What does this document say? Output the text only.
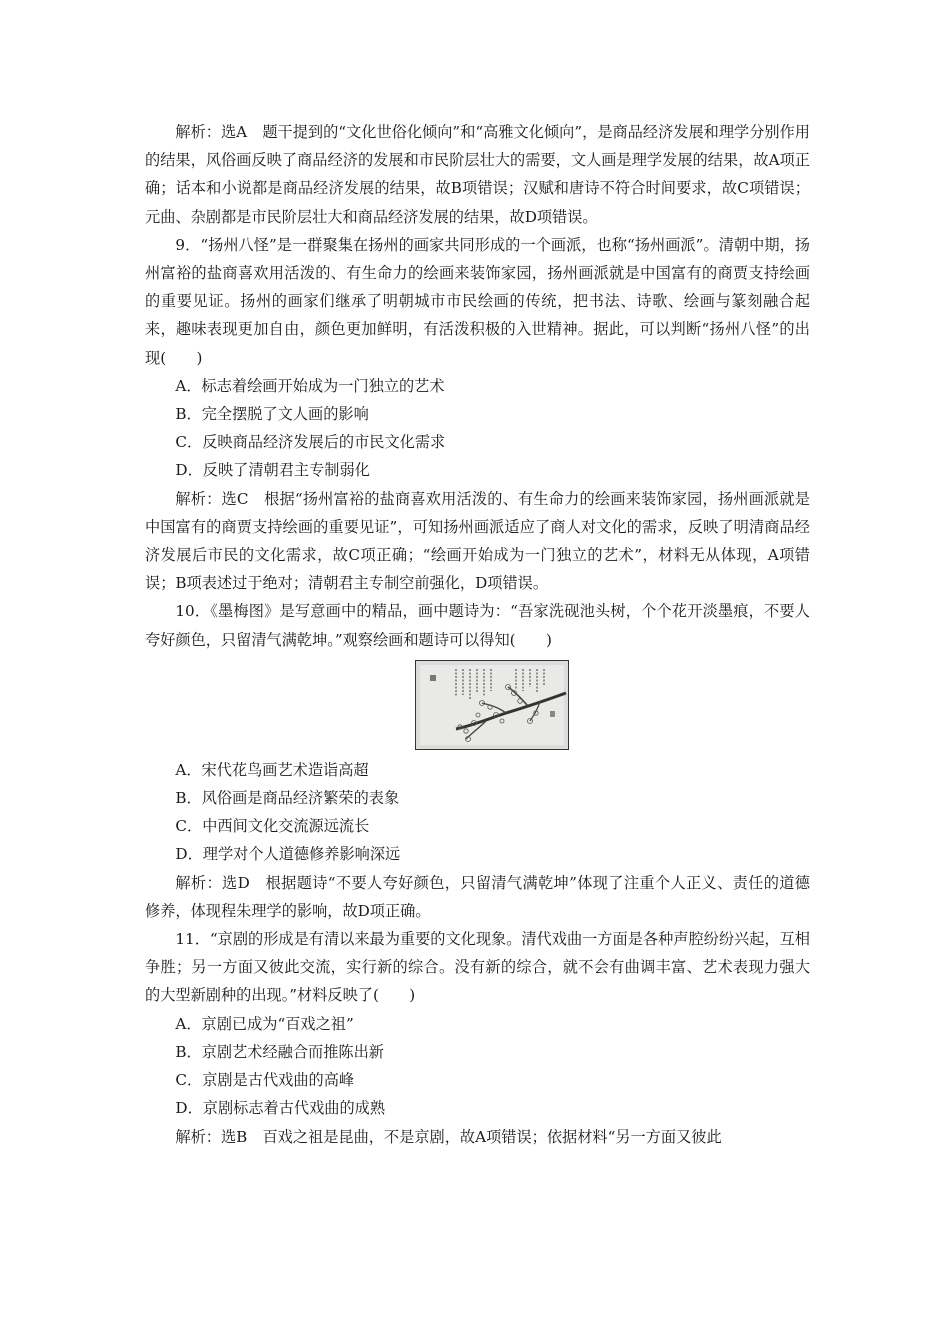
解析：选A　题干提到的“文化世俗化倾向”和“高雅文化倾向”，是商品经济发展和理学分别作用的结果，风俗画反映了商品经济的发展和市民阶层壮大的需要，文人画是理学发展的结果，故A项正确；话本和小说都是商品经济发展的结果，故B项错误；汉赋和唐诗不符合时间要求，故C项错误；元曲、杂剧都是市民阶层壮大和商品经济发展的结果，故D项错误。

9．“扬州八怪”是一群聚集在扬州的画家共同形成的一个画派，也称“扬州画派”。清朝中期，扬州富裕的盐商喜欢用活泼的、有生命力的绘画来装饰家园，扬州画派就是中国富有的商贾支持绘画的重要见证。扬州的画家们继承了明朝城市市民绘画的传统，把书法、诗歌、绘画与篆刻融合起来，趣味表现更加自由，颜色更加鲜明，有活泼积极的入世精神。据此，可以判断“扬州八怪”的出现(　　)

A．标志着绘画开始成为一门独立的艺术

B．完全摆脱了文人画的影响

C．反映商品经济发展后的市民文化需求

D．反映了清朝君主专制弱化

解析：选C　根据“扬州富裕的盐商喜欢用活泼的、有生命力的绘画来装饰家园，扬州画派就是中国富有的商贾支持绘画的重要见证”，可知扬州画派适应了商人对文化的需求，反映了明清商品经济发展后市民的文化需求，故C项正确；“绘画开始成为一门独立的艺术”，材料无从体现，A项错误；B项表述过于绝对；清朝君主专制空前强化，D项错误。

10．《墨梅图》是写意画中的精品，画中题诗为：“吾家洗砚池头树，个个花开淡墨痕，不要人夸好颜色，只留清气满乾坤。”观察绘画和题诗可以得知(　　)

A．宋代花鸟画艺术造诣高超

B．风俗画是商品经济繁荣的表象

C．中西间文化交流源远流长

D．理学对个人道德修养影响深远

解析：选D　根据题诗“不要人夸好颜色，只留清气满乾坤”体现了注重个人正义、责任的道德修养，体现程朱理学的影响，故D项正确。

11．“京剧的形成是有清以来最为重要的文化现象。清代戏曲一方面是各种声腔纷纷兴起，互相争胜；另一方面又彼此交流，实行新的综合。没有新的综合，就不会有曲调丰富、艺术表现力强大的大型新剧种的出现。”材料反映了(　　)

A．京剧已成为“百戏之祖”

B．京剧艺术经融合而推陈出新

C．京剧是古代戏曲的高峰

D．京剧标志着古代戏曲的成熟

解析：选B　百戏之祖是昆曲，不是京剧，故A项错误；依据材料“另一方面又彼此
